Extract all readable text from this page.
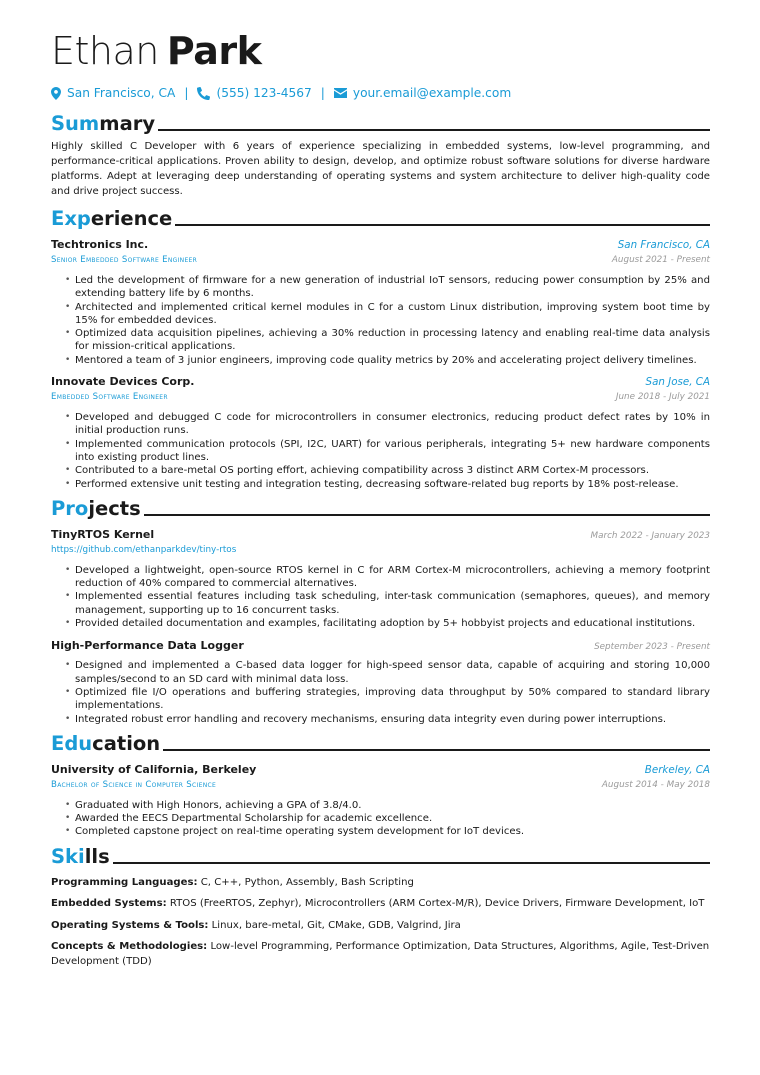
Ethan Park
San Francisco, CA | (555) 123-4567 | your.email@example.com
Summary
Highly skilled C Developer with 6 years of experience specializing in embedded systems, low-level programming, and performance-critical applications. Proven ability to design, develop, and optimize robust software solutions for diverse hardware platforms. Adept at leveraging deep understanding of operating systems and system architecture to deliver high-quality code and drive project success.
Experience
Techtronics Inc.	San Francisco, CA
Senior Embedded Software Engineer	August 2021 - Present
• Led the development of firmware for a new generation of industrial IoT sensors, reducing power consumption by 25% and extending battery life by 6 months.
• Architected and implemented critical kernel modules in C for a custom Linux distribution, improving system boot time by 15% for embedded devices.
• Optimized data acquisition pipelines, achieving a 30% reduction in processing latency and enabling real-time data analysis for mission-critical applications.
• Mentored a team of 3 junior engineers, improving code quality metrics by 20% and accelerating project delivery timelines.
Innovate Devices Corp.	San Jose, CA
Embedded Software Engineer	June 2018 - July 2021
• Developed and debugged C code for microcontrollers in consumer electronics, reducing product defect rates by 10% in initial production runs.
• Implemented communication protocols (SPI, I2C, UART) for various peripherals, integrating 5+ new hardware components into existing product lines.
• Contributed to a bare-metal OS porting effort, achieving compatibility across 3 distinct ARM Cortex-M processors.
• Performed extensive unit testing and integration testing, decreasing software-related bug reports by 18% post-release.
Projects
TinyRTOS Kernel	March 2022 - January 2023
https://github.com/ethanparkdev/tiny-rtos
• Developed a lightweight, open-source RTOS kernel in C for ARM Cortex-M microcontrollers, achieving a memory footprint reduction of 40% compared to commercial alternatives.
• Implemented essential features including task scheduling, inter-task communication (semaphores, queues), and memory management, supporting up to 16 concurrent tasks.
• Provided detailed documentation and examples, facilitating adoption by 5+ hobbyist projects and educational institutions.
High-Performance Data Logger	September 2023 - Present
• Designed and implemented a C-based data logger for high-speed sensor data, capable of acquiring and storing 10,000 samples/second to an SD card with minimal data loss.
• Optimized file I/O operations and buffering strategies, improving data throughput by 50% compared to standard library implementations.
• Integrated robust error handling and recovery mechanisms, ensuring data integrity even during power interruptions.
Education
University of California, Berkeley	Berkeley, CA
Bachelor of Science in Computer Science	August 2014 - May 2018
• Graduated with High Honors, achieving a GPA of 3.8/4.0.
• Awarded the EECS Departmental Scholarship for academic excellence.
• Completed capstone project on real-time operating system development for IoT devices.
Skills

Programming Languages: C, C++, Python, Assembly, Bash Scripting

Embedded Systems: RTOS (FreeRTOS, Zephyr), Microcontrollers (ARM Cortex-M/R), Device Drivers, Firmware Development, IoT

Operating Systems & Tools: Linux, bare-metal, Git, CMake, GDB, Valgrind, Jira

Concepts & Methodologies: Low-level Programming, Performance Optimization, Data Structures, Algorithms, Agile, Test-Driven Development (TDD)
